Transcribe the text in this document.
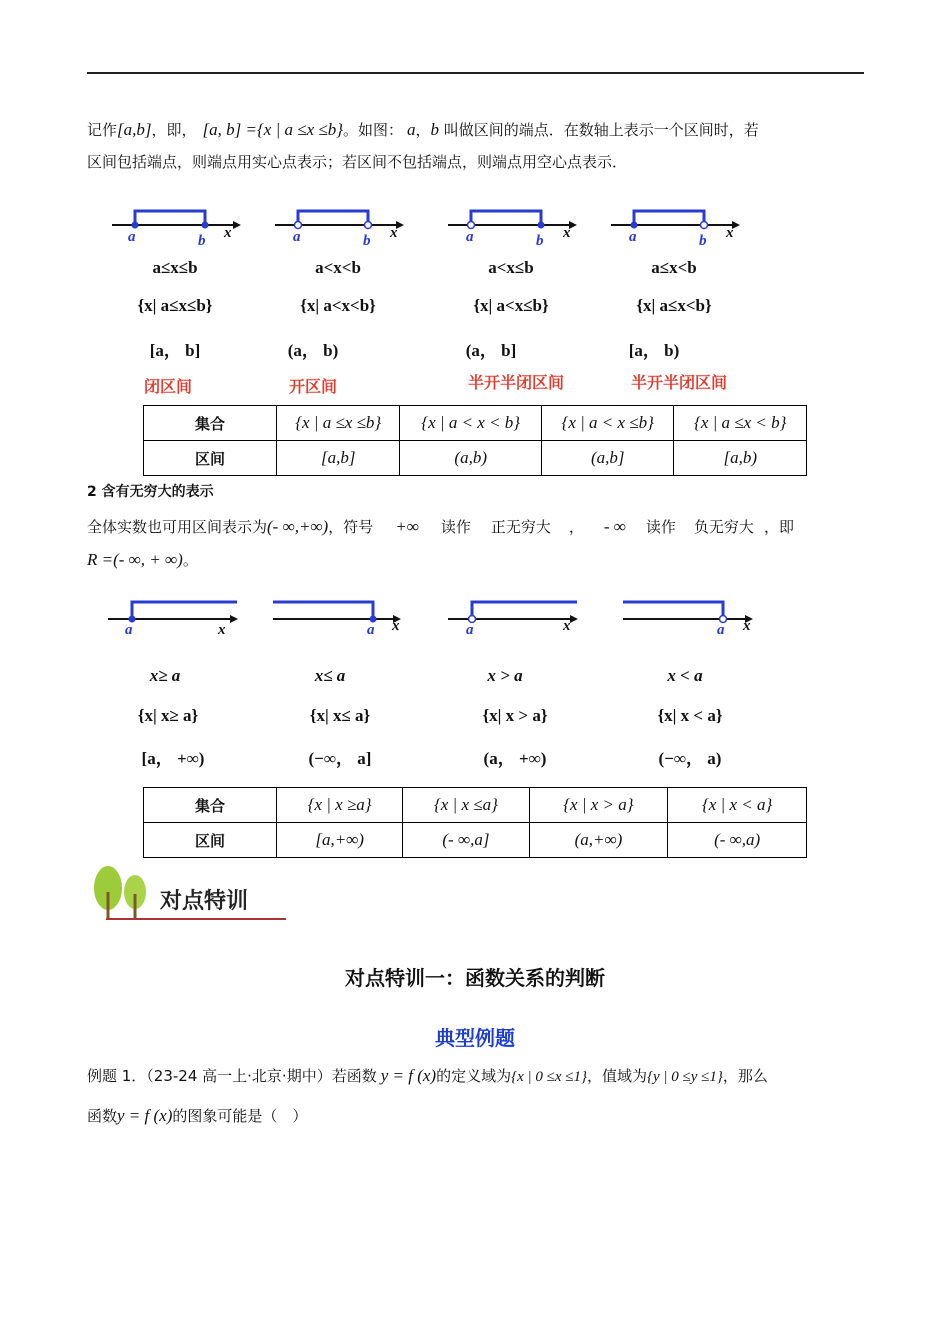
记作[a,b]，即， [a, b] ={x | a ≤x ≤b}。如图： a，b 叫做区间的端点．在数轴上表示一个区间时，若
区间包括端点，则端点用实心点表示；若区间不包括端点，则端点用空心点表示．
a	b x	a	b x	a	b x	a	b x
a≤x≤b
{x| a≤x≤b}
[a， b]
闭区间
a<x<b
{x| a<x<b}
(a， b)
开区间
a<x≤b
{x| a<x≤b}
(a， b]
半开半闭区间
a≤x<b
{x| a≤x<b}
[a， b)
半开半闭区间
集合	{x | a ≤x ≤b}	{x | a < x < b}	{x | a < x ≤b}	{x | a ≤x < b}
区间	[a,b]	(a,b)	(a,b]	[a,b)
2 含有无穷大的表示
全体实数也可用区间表示为(- ∞,+∞)，符号 +∞ 读作 正无穷大 ， - ∞ 读作 负无穷大 ，即
R =(- ∞, + ∞)。
a	x	a x	a	x	a x
x≥ a
{x| x≥ a}
[a， +∞)
x≤ a
{x| x≤ a}
(−∞， a]
x > a
{x| x > a}
(a， +∞)
x < a
{x| x < a}
(−∞， a)
集合	{x | x ≥a}	{x | x ≤a}	{x | x > a}	{x | x < a}
区间	[a,+∞)	(- ∞,a]	(a,+∞)	(- ∞,a)
对点特训
对点特训一：函数关系的判断
典型例题
例题 1．（23-24 高一上·北京·期中）若函数 y = f (x)的定义域为{x | 0 ≤x ≤1}，值域为{y | 0 ≤y ≤1}，那么
函数y = f (x)的图象可能是（　）
